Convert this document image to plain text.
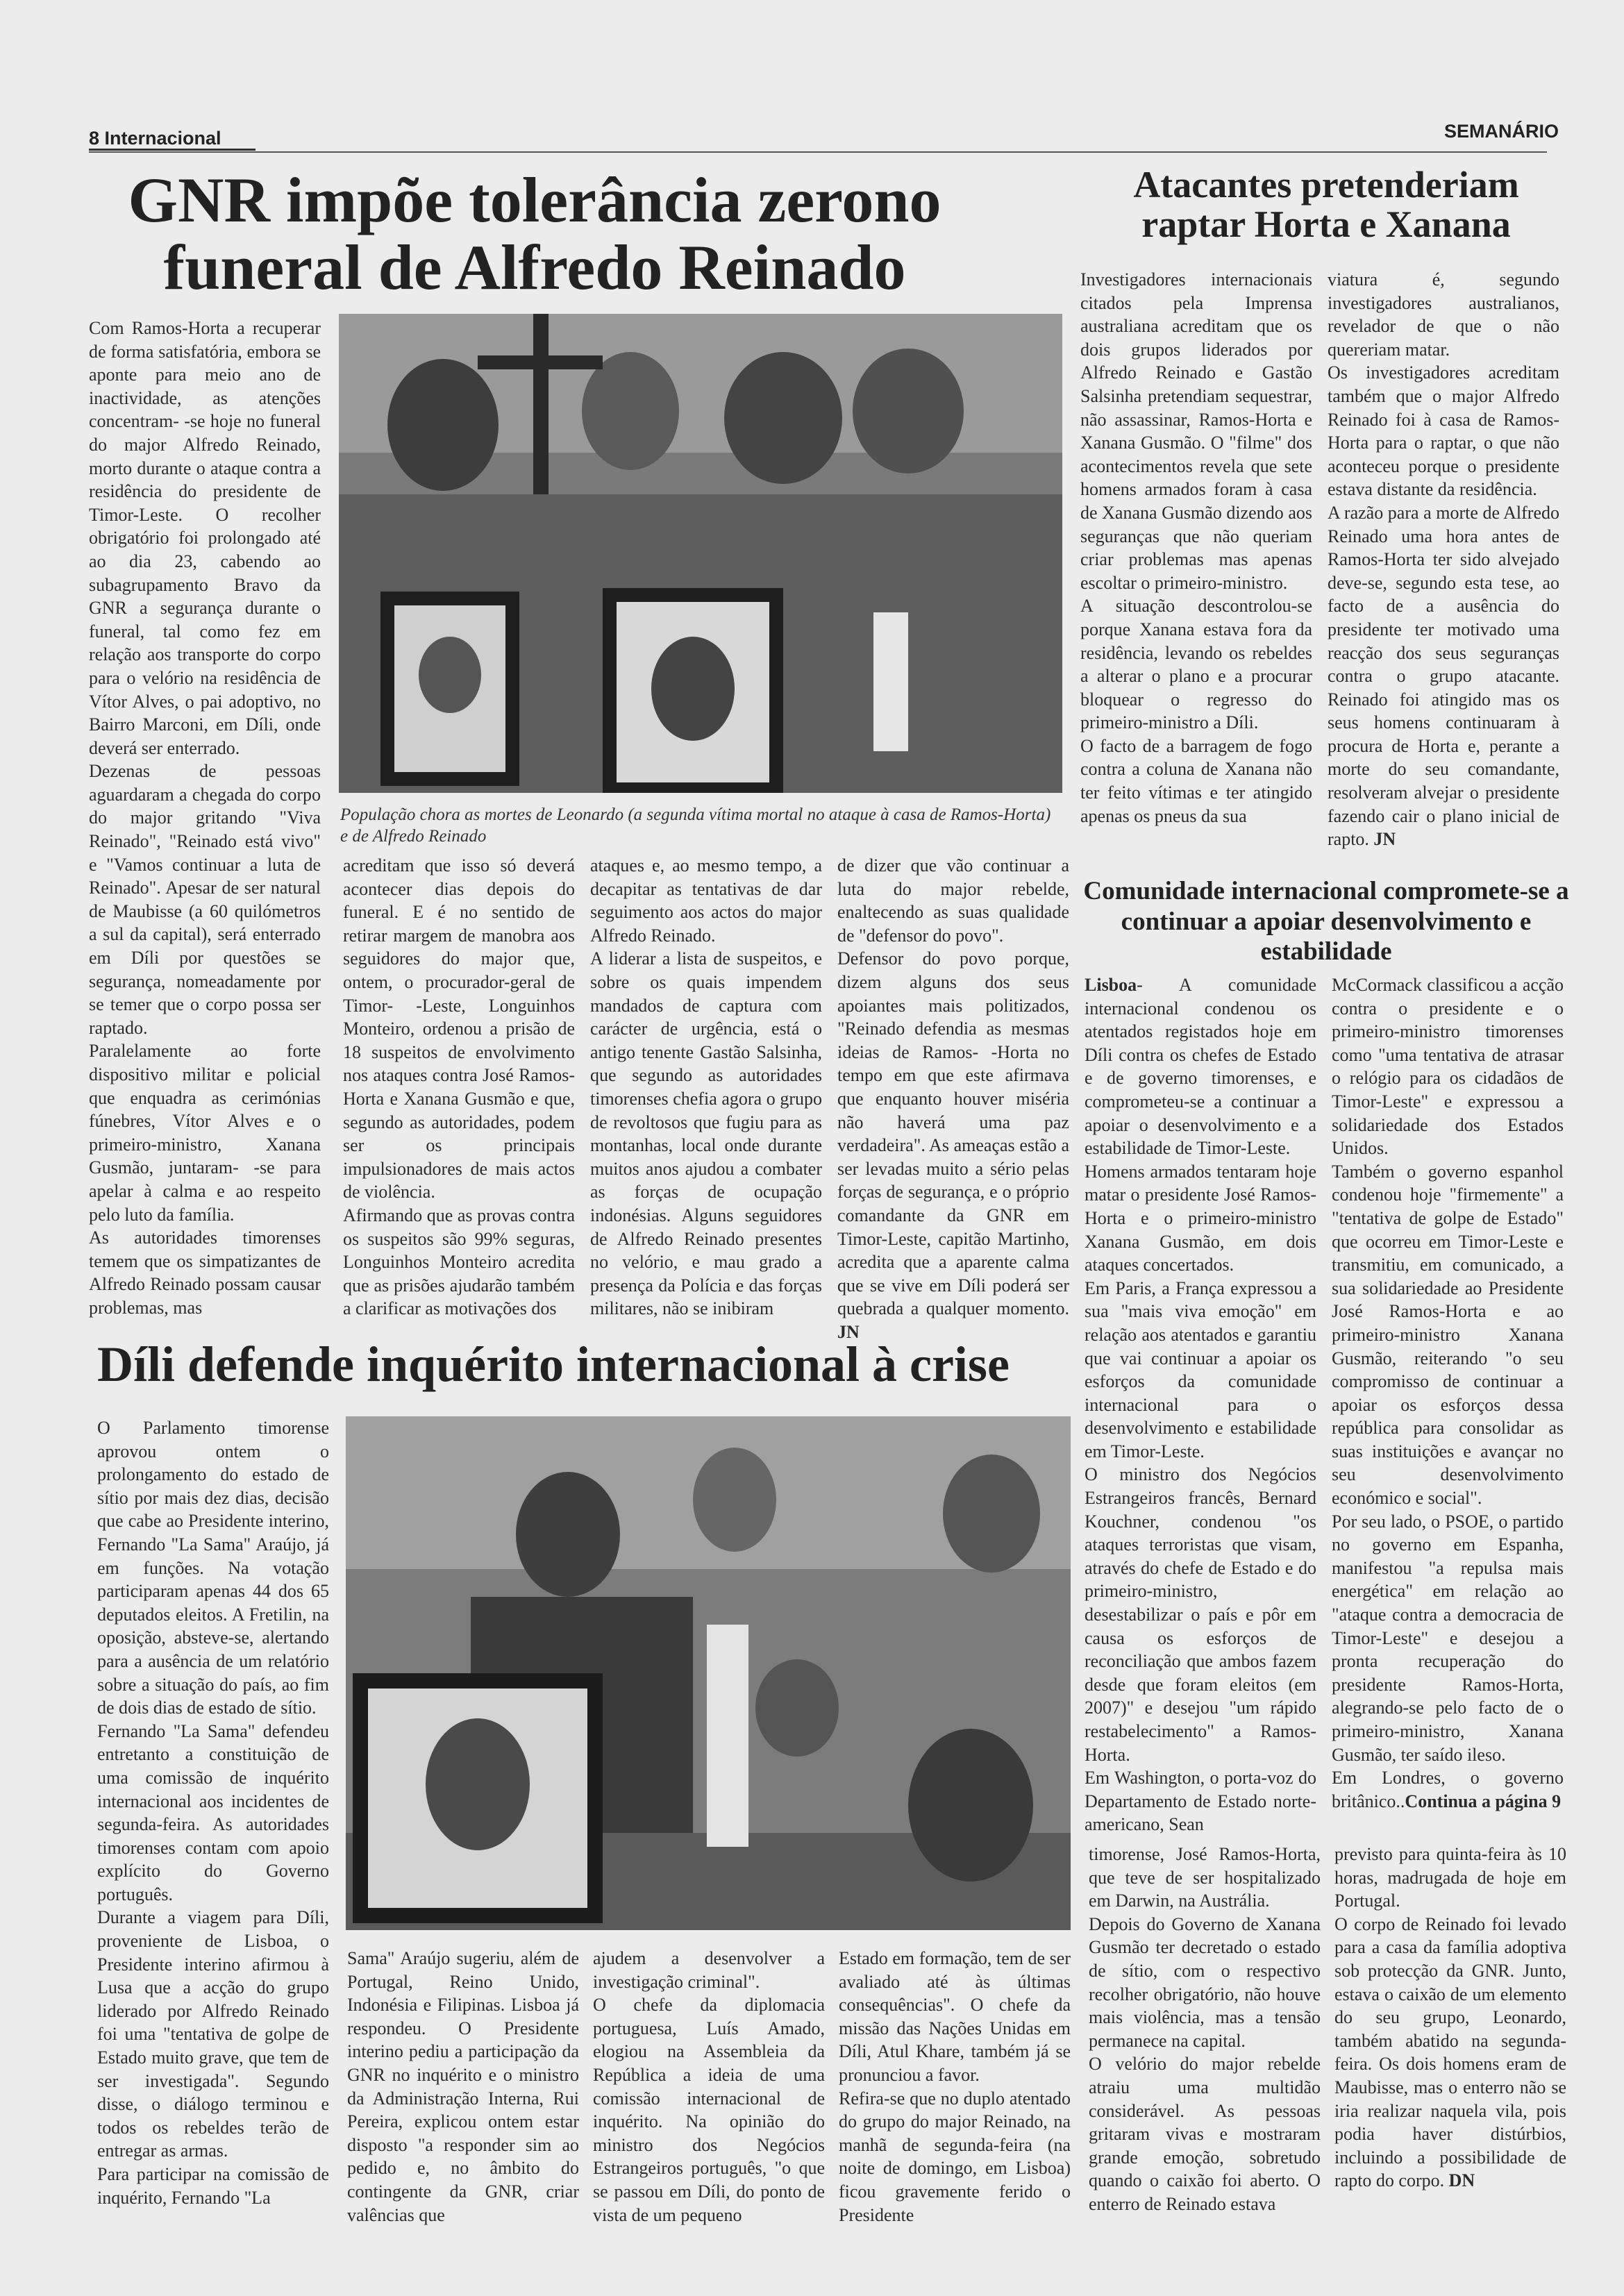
8 Internacional	SEMANÁRIO
GNR impõe tolerância zerono funeral de Alfredo Reinado
População chora as mortes de Leonardo (a segunda vítima mortal no ataque à casa de Ramos-Horta) e de Alfredo Reinado

Com Ramos-Horta a recuperar de forma satisfatória, embora se aponte para meio ano de inactividade, as atenções concentram- -se hoje no funeral do major Alfredo Reinado, morto durante o ataque contra a residência do presidente de Timor-Leste. O recolher obrigatório foi prolongado até ao dia 23, cabendo ao subagrupamento Bravo da GNR a segurança durante o funeral, tal como fez em relação aos transporte do corpo para o velório na residência de Vítor Alves, o pai adoptivo, no Bairro Marconi, em Díli, onde deverá ser enterrado.

Dezenas de pessoas aguardaram a chegada do corpo do major gritando "Viva Reinado", "Reinado está vivo" e "Vamos continuar a luta de Reinado". Apesar de ser natural de Maubisse (a 60 quilómetros a sul da capital), será enterrado em Díli por questões se segurança, nomeadamente por se temer que o corpo possa ser raptado.

Paralelamente ao forte dispositivo militar e policial que enquadra as cerimónias fúnebres, Vítor Alves e o primeiro-ministro, Xanana Gusmão, juntaram- -se para apelar à calma e ao respeito pelo luto da família.

As autoridades timorenses temem que os simpatizantes de Alfredo Reinado possam causar problemas, mas

acreditam que isso só deverá acontecer dias depois do funeral. E é no sentido de retirar margem de manobra aos seguidores do major que, ontem, o procurador-geral de Timor- -Leste, Longuinhos Monteiro, ordenou a prisão de 18 suspeitos de envolvimento nos ataques contra José Ramos-Horta e Xanana Gusmão e que, segundo as autoridades, podem ser os principais impulsionadores de mais actos de violência.

Afirmando que as provas contra os suspeitos são 99% seguras, Longuinhos Monteiro acredita que as prisões ajudarão também a clarificar as motivações dos

ataques e, ao mesmo tempo, a decapitar as tentativas de dar seguimento aos actos do major Alfredo Reinado.

A liderar a lista de suspeitos, e sobre os quais impendem mandados de captura com carácter de urgência, está o antigo tenente Gastão Salsinha, que segundo as autoridades timorenses chefia agora o grupo de revoltosos que fugiu para as montanhas, local onde durante muitos anos ajudou a combater as forças de ocupação indonésias. Alguns seguidores de Alfredo Reinado presentes no velório, e mau grado a presença da Polícia e das forças militares, não se inibiram

de dizer que vão continuar a luta do major rebelde, enaltecendo as suas qualidade de "defensor do povo".

Defensor do povo porque, dizem alguns dos seus apoiantes mais politizados, "Reinado defendia as mesmas ideias de Ramos- -Horta no tempo em que este afirmava que enquanto houver miséria não haverá uma paz verdadeira". As ameaças estão a ser levadas muito a sério pelas forças de segurança, e o próprio comandante da GNR em Timor-Leste, capitão Martinho, acredita que a aparente calma que se vive em Díli poderá ser quebrada a qualquer momento. JN

Atacantes pretenderiam raptar Horta e Xanana

Investigadores internacionais citados pela Imprensa australiana acreditam que os dois grupos liderados por Alfredo Reinado e Gastão Salsinha pretendiam sequestrar, não assassinar, Ramos-Horta e Xanana Gusmão. O "filme" dos acontecimentos revela que sete homens armados foram à casa de Xanana Gusmão dizendo aos seguranças que não queriam criar problemas mas apenas escoltar o primeiro-ministro.

A situação descontrolou-se porque Xanana estava fora da residência, levando os rebeldes a alterar o plano e a procurar bloquear o regresso do primeiro-ministro a Díli.

O facto de a barragem de fogo contra a coluna de Xanana não ter feito vítimas e ter atingido apenas os pneus da sua

viatura é, segundo investigadores australianos, revelador de que o não quereriam matar.

Os investigadores acreditam também que o major Alfredo Reinado foi à casa de Ramos-Horta para o raptar, o que não aconteceu porque o presidente estava distante da residência.

A razão para a morte de Alfredo Reinado uma hora antes de Ramos-Horta ter sido alvejado deve-se, segundo esta tese, ao facto de a ausência do presidente ter motivado uma reacção dos seus seguranças contra o grupo atacante. Reinado foi atingido mas os seus homens continuaram à procura de Horta e, perante a morte do seu comandante, resolveram alvejar o presidente fazendo cair o plano inicial de rapto. JN

Comunidade internacional compromete-se a continuar a apoiar desenvolvimento e estabilidade

Lisboa- A comunidade internacional condenou os atentados registados hoje em Díli contra os chefes de Estado e de governo timorenses, e comprometeu-se a continuar a apoiar o desenvolvimento e a estabilidade de Timor-Leste.

Homens armados tentaram hoje matar o presidente José Ramos-Horta e o primeiro-ministro Xanana Gusmão, em dois ataques concertados.

Em Paris, a França expressou a sua "mais viva emoção" em relação aos atentados e garantiu que vai continuar a apoiar os esforços da comunidade internacional para o desenvolvimento e estabilidade em Timor-Leste.

O ministro dos Negócios Estrangeiros francês, Bernard Kouchner, condenou "os ataques terroristas que visam, através do chefe de Estado e do primeiro-ministro, desestabilizar o país e pôr em causa os esforços de reconciliação que ambos fazem desde que foram eleitos (em 2007)" e desejou "um rápido restabelecimento" a Ramos-Horta.

Em Washington, o porta-voz do Departamento de Estado norte-americano, Sean

McCormack classificou a acção contra o presidente e o primeiro-ministro timorenses como "uma tentativa de atrasar o relógio para os cidadãos de Timor-Leste" e expressou a solidariedade dos Estados Unidos.

Também o governo espanhol condenou hoje "firmemente" a "tentativa de golpe de Estado" que ocorreu em Timor-Leste e transmitiu, em comunicado, a sua solidariedade ao Presidente José Ramos-Horta e ao primeiro-ministro Xanana Gusmão, reiterando "o seu compromisso de continuar a apoiar os esforços dessa república para consolidar as suas instituições e avançar no seu desenvolvimento económico e social".

Por seu lado, o PSOE, o partido no governo em Espanha, manifestou "a repulsa mais energética" em relação ao "ataque contra a democracia de Timor-Leste" e desejou a pronta recuperação do presidente Ramos-Horta, alegrando-se pelo facto de o primeiro-ministro, Xanana Gusmão, ter saído ileso.

Em Londres, o governo britânico..Continua a página 9

Díli defende inquérito internacional à crise

O Parlamento timorense aprovou ontem o prolongamento do estado de sítio por mais dez dias, decisão que cabe ao Presidente interino, Fernando "La Sama" Araújo, já em funções. Na votação participaram apenas 44 dos 65 deputados eleitos. A Fretilin, na oposição, absteve-se, alertando para a ausência de um relatório sobre a situação do país, ao fim de dois dias de estado de sítio.

Fernando "La Sama" defendeu entretanto a constituição de uma comissão de inquérito internacional aos incidentes de segunda-feira. As autoridades timorenses contam com apoio explícito do Governo português.

Durante a viagem para Díli, proveniente de Lisboa, o Presidente interino afirmou à Lusa que a acção do grupo liderado por Alfredo Reinado foi uma "tentativa de golpe de Estado muito grave, que tem de ser investigada". Segundo disse, o diálogo terminou e todos os rebeldes terão de entregar as armas.

Para participar na comissão de inquérito, Fernando "La

Sama" Araújo sugeriu, além de Portugal, Reino Unido, Indonésia e Filipinas. Lisboa já respondeu. O Presidente interino pediu a participação da GNR no inquérito e o ministro da Administração Interna, Rui Pereira, explicou ontem estar disposto "a responder sim ao pedido e, no âmbito do contingente da GNR, criar valências que

ajudem a desenvolver a investigação criminal".

O chefe da diplomacia portuguesa, Luís Amado, elogiou na Assembleia da República a ideia de uma comissão internacional de inquérito. Na opinião do ministro dos Negócios Estrangeiros português, "o que se passou em Díli, do ponto de vista de um pequeno

Estado em formação, tem de ser avaliado até às últimas consequências". O chefe da missão das Nações Unidas em Díli, Atul Khare, também já se pronunciou a favor.

Refira-se que no duplo atentado do grupo do major Reinado, na manhã de segunda-feira (na noite de domingo, em Lisboa) ficou gravemente ferido o Presidente

timorense, José Ramos-Horta, que teve de ser hospitalizado em Darwin, na Austrália.

Depois do Governo de Xanana Gusmão ter decretado o estado de sítio, com o respectivo recolher obrigatório, não houve mais violência, mas a tensão permanece na capital.

O velório do major rebelde atraiu uma multidão considerável. As pessoas gritaram vivas e mostraram grande emoção, sobretudo quando o caixão foi aberto. O enterro de Reinado estava

previsto para quinta-feira às 10 horas, madrugada de hoje em Portugal.

O corpo de Reinado foi levado para a casa da família adoptiva sob protecção da GNR. Junto, estava o caixão de um elemento do seu grupo, Leonardo, também abatido na segunda-feira. Os dois homens eram de Maubisse, mas o enterro não se iria realizar naquela vila, pois podia haver distúrbios, incluindo a possibilidade de rapto do corpo. DN
